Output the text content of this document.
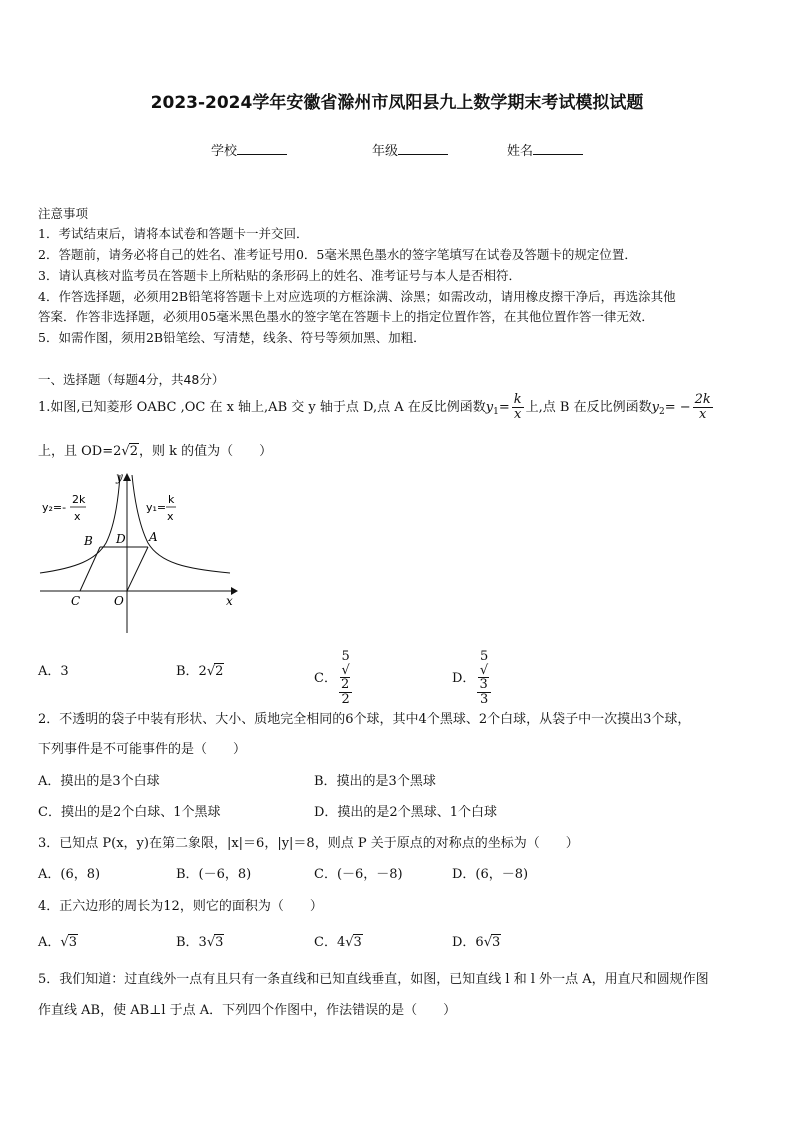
2023-2024学年安徽省滁州市凤阳县九上数学期末考试模拟试题
学校	年级	姓名
注意事项
1．考试结束后，请将本试卷和答题卡一并交回．
2．答题前，请务必将自己的姓名、准考证号用0．5毫米黑色墨水的签字笔填写在试卷及答题卡的规定位置．
3．请认真核对监考员在答题卡上所粘贴的条形码上的姓名、准考证号与本人是否相符．
4．作答选择题，必须用2B铅笔将答题卡上对应选项的方框涂满、涂黑；如需改动，请用橡皮擦干净后，再选涂其他
答案．作答非选择题，必须用05毫米黑色墨水的签字笔在答题卡上的指定位置作答，在其他位置作答一律无效．
5．如需作图，须用2B铅笔绘、写清楚，线条、符号等须加黑、加粗．
一、选择题（每题4分，共48分）
1.如图,已知菱形 OABC ,OC 在 x 轴上,AB 交 y 轴于点 D,点 A 在反比例函数$y_1= \frac{k}{x}$ 上,点 B 在反比例函数$y_2= - \frac{2k}{x}$
上，且 OD=2√2，则 k 的值为（　　）
y₂=-
2k
x
y₁=
k
x
B D A
C	O	x
y
A．3	B．2√2	C． 5
√
2
2	D． 5
√
3
3
2．不透明的袋子中装有形状、大小、质地完全相同的6个球，其中4个黑球、2个白球，从袋子中一次摸出3个球，
下列事件是不可能事件的是（　　）
A．摸出的是3个白球	B．摸出的是3个黑球
C．摸出的是2个白球、1个黑球	D．摸出的是2个黑球、1个白球
3．已知点 P(x，y)在第二象限，|x|＝6，|y|＝8，则点 P 关于原点的对称点的坐标为（　　）
A．(6，8)	B．(－6，8)	C．(－6，－8)	D．(6，－8)
4．正六边形的周长为12，则它的面积为（　　）
A．√3	B．3√3	C．4√3	D．6√3
5．我们知道：过直线外一点有且只有一条直线和已知直线垂直，如图，已知直线 l 和 l 外一点 A，用直尺和圆规作图
作直线 AB，使 AB⊥l 于点 A．下列四个作图中，作法错误的是（　　）
